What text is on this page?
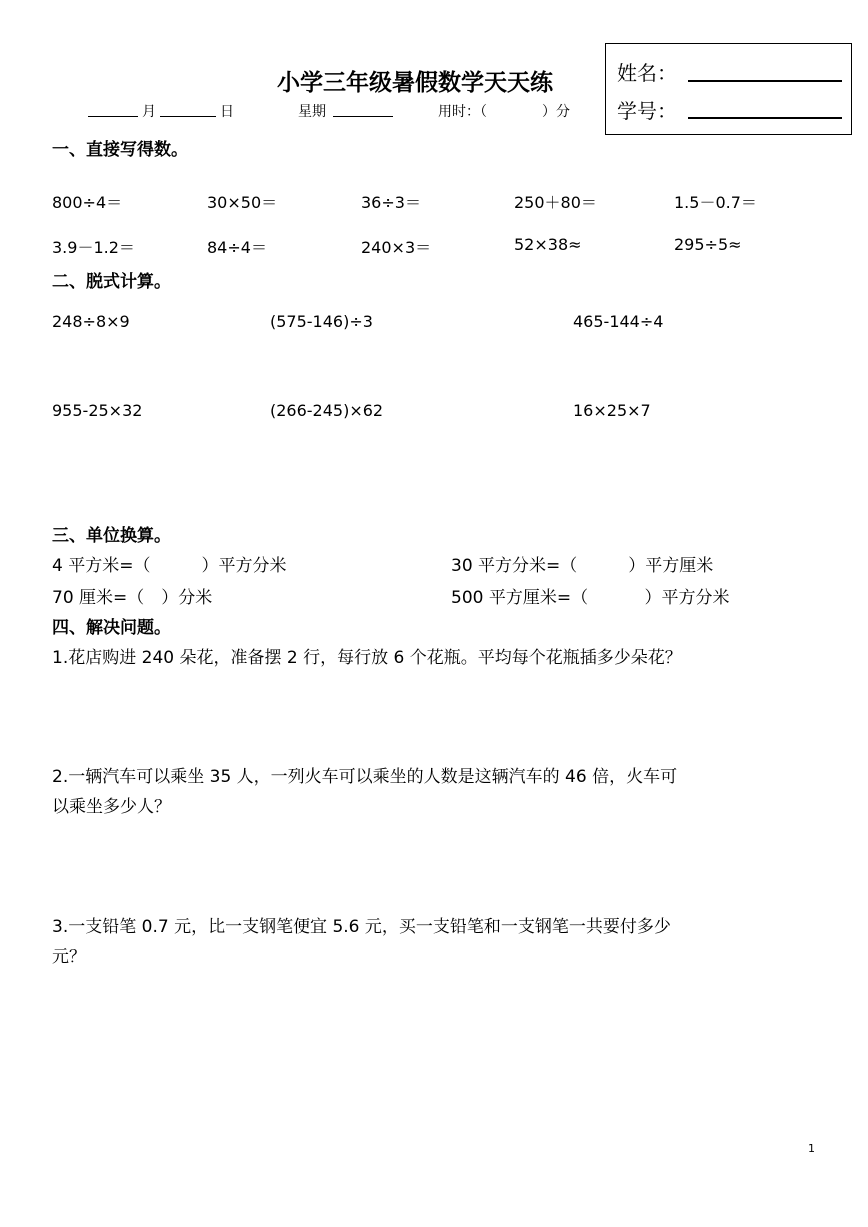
小学三年级暑假数学天天练
月	日	星期	用时：（	）分
姓名：
学号：
一、直接写得数。
800÷4＝	30×50＝	36÷3＝	250＋80＝	1.5－0.7＝
3.9－1.2＝	84÷4＝	240×3＝	52×38≈	295÷5≈
二、脱式计算。
248÷8×9	(575-146)÷3	465-144÷4
955-25×32	(266-245)×62	16×25×7
三、单位换算。
4 平方米=（　　　）平方分米	30 平方分米=（　　　）平方厘米
70 厘米=（　）分米	500 平方厘米=（　　　 ）平方分米
四、解决问题。
1.花店购进 240 朵花，准备摆 2 行，每行放 6 个花瓶。平均每个花瓶插多少朵花？
2.一辆汽车可以乘坐 35 人，一列火车可以乘坐的人数是这辆汽车的 46 倍，火车可
以乘坐多少人？
3.一支铅笔 0.7 元，比一支钢笔便宜 5.6 元，买一支铅笔和一支钢笔一共要付多少
元？
1
